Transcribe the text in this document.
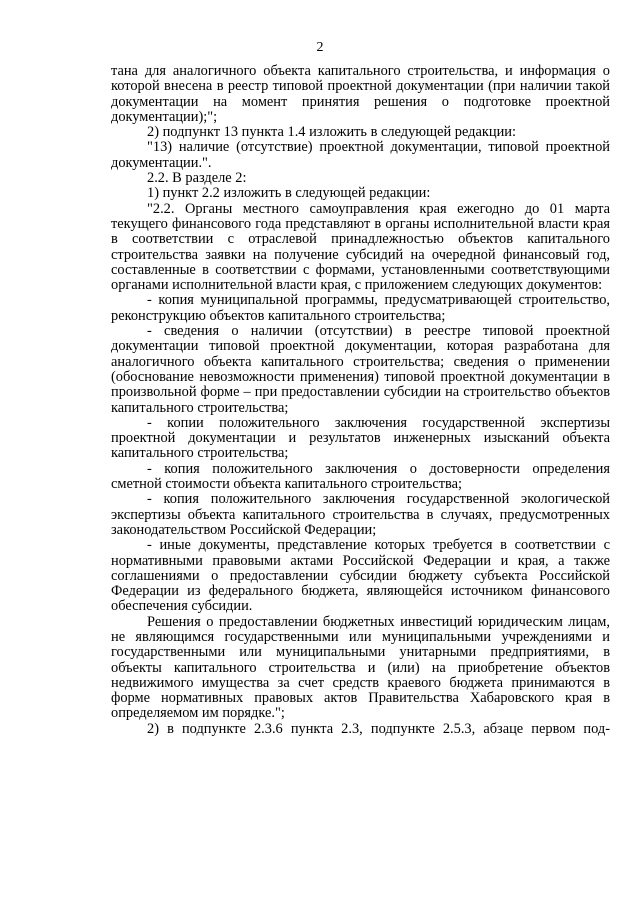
2

тана для аналогичного объекта капитального строительства, и информация о которой внесена в реестр типовой проектной документации (при наличии такой документации на момент принятия решения о подготовке проектной документации);";

2) подпункт 13 пункта 1.4 изложить в следующей редакции:

"13) наличие (отсутствие) проектной документации, типовой проектной документации.".

2.2. В разделе 2:

1) пункт 2.2 изложить в следующей редакции:

"2.2. Органы местного самоуправления края ежегодно до 01 марта текущего финансового года представляют в органы исполнительной власти края в соответствии с отраслевой принадлежностью объектов капитального строительства заявки на получение субсидий на очередной финансовый год, составленные в соответствии с формами, установленными соответствующими органами исполнительной власти края, с приложением следующих документов:

- копия муниципальной программы, предусматривающей строительство, реконструкцию объектов капитального строительства;

- сведения о наличии (отсутствии) в реестре типовой проектной документации типовой проектной документации, которая разработана для аналогичного объекта капитального строительства; сведения о применении (обоснование невозможности применения) типовой проектной документации в произвольной форме – при предоставлении субсидии на строительство объектов капитального строительства;

- копии положительного заключения государственной экспертизы проектной документации и результатов инженерных изысканий объекта капитального строительства;

- копия положительного заключения о достоверности определения сметной стоимости объекта капитального строительства;

- копия положительного заключения государственной экологической экспертизы объекта капитального строительства в случаях, предусмотренных законодательством Российской Федерации;

- иные документы, представление которых требуется в соответствии с нормативными правовыми актами Российской Федерации и края, а также соглашениями о предоставлении субсидии бюджету субъекта Российской Федерации из федерального бюджета, являющейся источником финансового обеспечения субсидии.

Решения о предоставлении бюджетных инвестиций юридическим лицам, не являющимся государственными или муниципальными учреждениями и государственными или муниципальными унитарными предприятиями, в объекты капитального строительства и (или) на приобретение объектов недвижимого имущества за счет средств краевого бюджета принимаются в форме нормативных правовых актов Правительства Хабаровского края в определяемом им порядке.";

2) в подпункте 2.3.6 пункта 2.3, подпункте 2.5.3, абзаце первом под-
